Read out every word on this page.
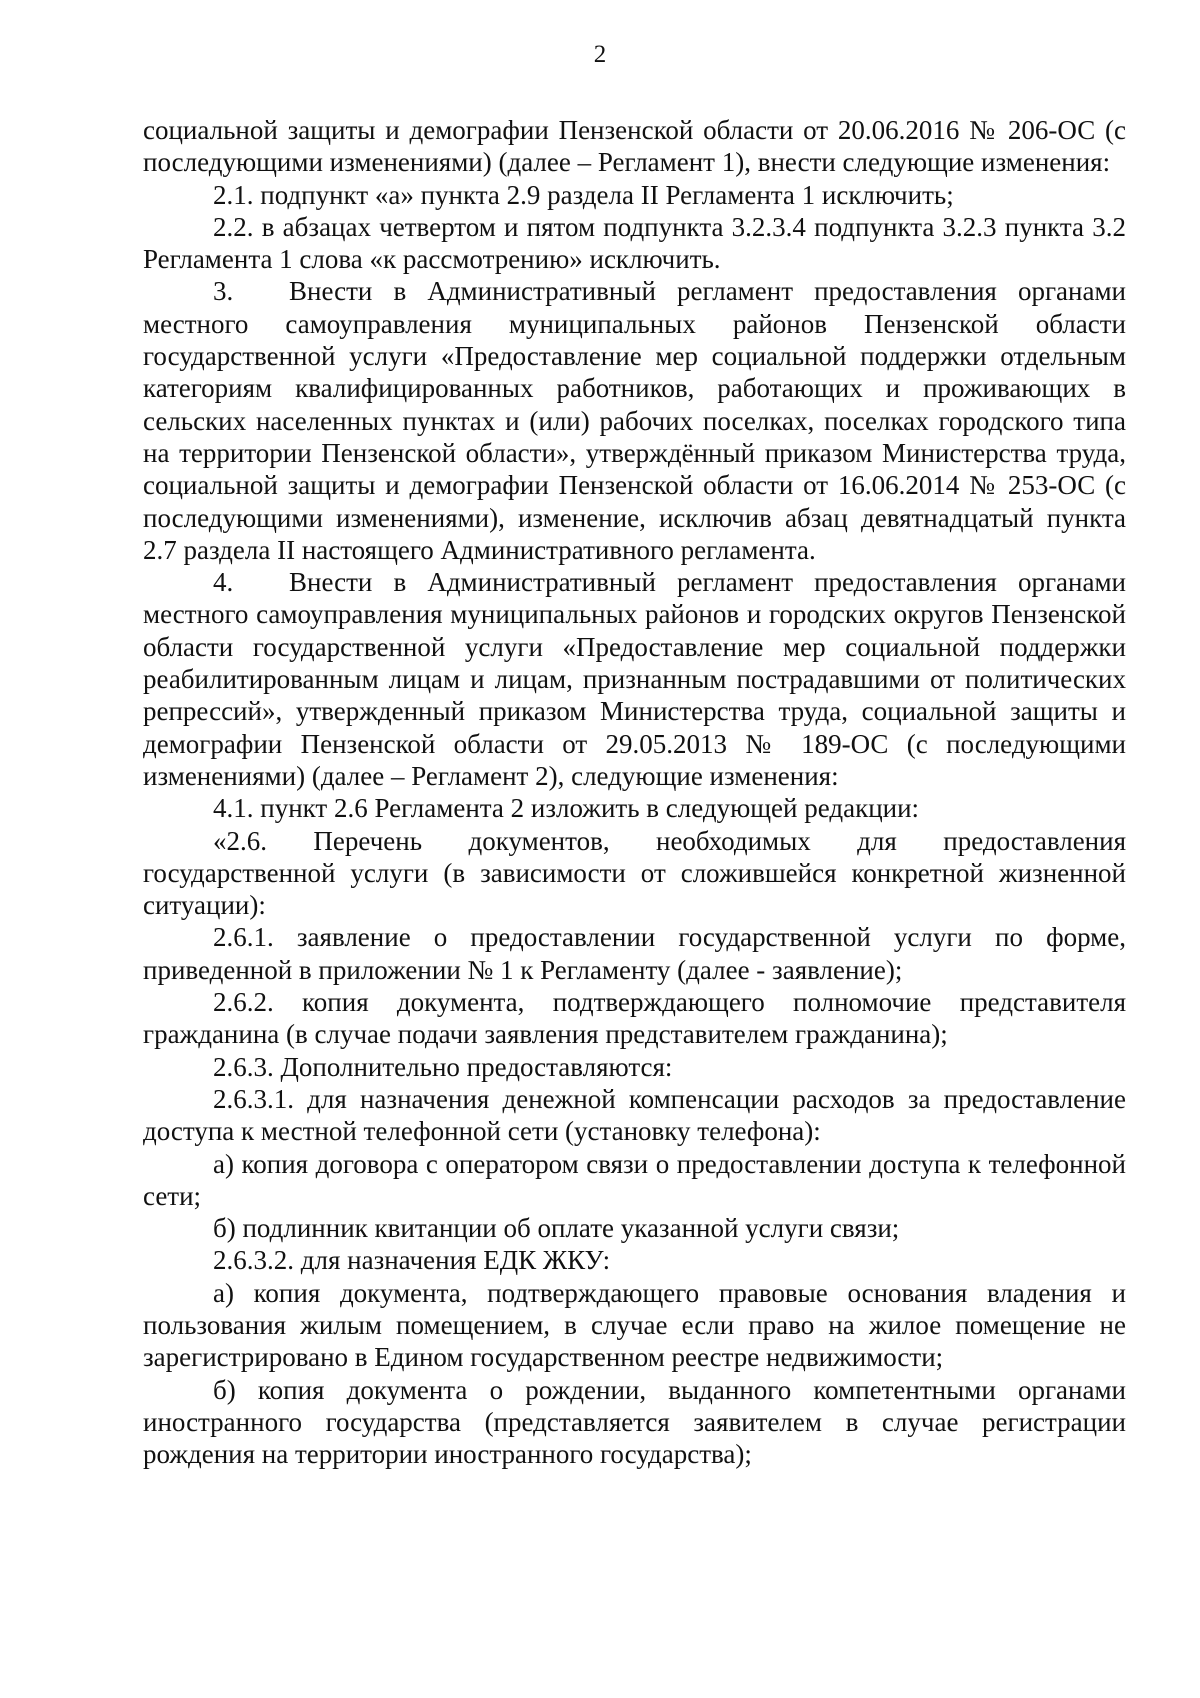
2

социальной защиты и демографии Пензенской области от 20.06.2016 № 206-ОС (с последующими изменениями) (далее – Регламент 1), внести следующие изменения:

2.1. подпункт «а» пункта 2.9 раздела II Регламента 1 исключить;

2.2. в абзацах четвертом и пятом подпункта 3.2.3.4 подпункта 3.2.3 пункта 3.2 Регламента 1 слова «к рассмотрению» исключить.

3. Внести в Административный регламент предоставления органами местного самоуправления муниципальных районов Пензенской области государственной услуги «Предоставление мер социальной поддержки отдельным категориям квалифицированных работников, работающих и проживающих в сельских населенных пунктах и (или) рабочих поселках, поселках городского типа на территории Пензенской области», утверждённый приказом Министерства труда, социальной защиты и демографии Пензенской области от 16.06.2014 № 253-ОС (с последующими изменениями), изменение, исключив абзац девятнадцатый пункта 2.7 раздела II настоящего Административного регламента.

4. Внести в Административный регламент предоставления органами местного самоуправления муниципальных районов и городских округов Пензенской области государственной услуги «Предоставление мер социальной поддержки реабилитированным лицам и лицам, признанным пострадавшими от политических репрессий», утвержденный приказом Министерства труда, социальной защиты и демографии Пензенской области от 29.05.2013 № 189-ОС (с последующими изменениями) (далее – Регламент 2), следующие изменения:

4.1. пункт 2.6 Регламента 2 изложить в следующей редакции:

«2.6. Перечень документов, необходимых для предоставления государственной услуги (в зависимости от сложившейся конкретной жизненной ситуации):

2.6.1. заявление о предоставлении государственной услуги по форме, приведенной в приложении № 1 к Регламенту (далее - заявление);

2.6.2. копия документа, подтверждающего полномочие представителя гражданина (в случае подачи заявления представителем гражданина);

2.6.3. Дополнительно предоставляются:

2.6.3.1. для назначения денежной компенсации расходов за предоставление доступа к местной телефонной сети (установку телефона):

а) копия договора с оператором связи о предоставлении доступа к телефонной сети;

б) подлинник квитанции об оплате указанной услуги связи;

2.6.3.2. для назначения ЕДК ЖКУ:

а) копия документа, подтверждающего правовые основания владения и пользования жилым помещением, в случае если право на жилое помещение не зарегистрировано в Едином государственном реестре недвижимости;

б) копия документа о рождении, выданного компетентными органами иностранного государства (представляется заявителем в случае регистрации рождения на территории иностранного государства);
